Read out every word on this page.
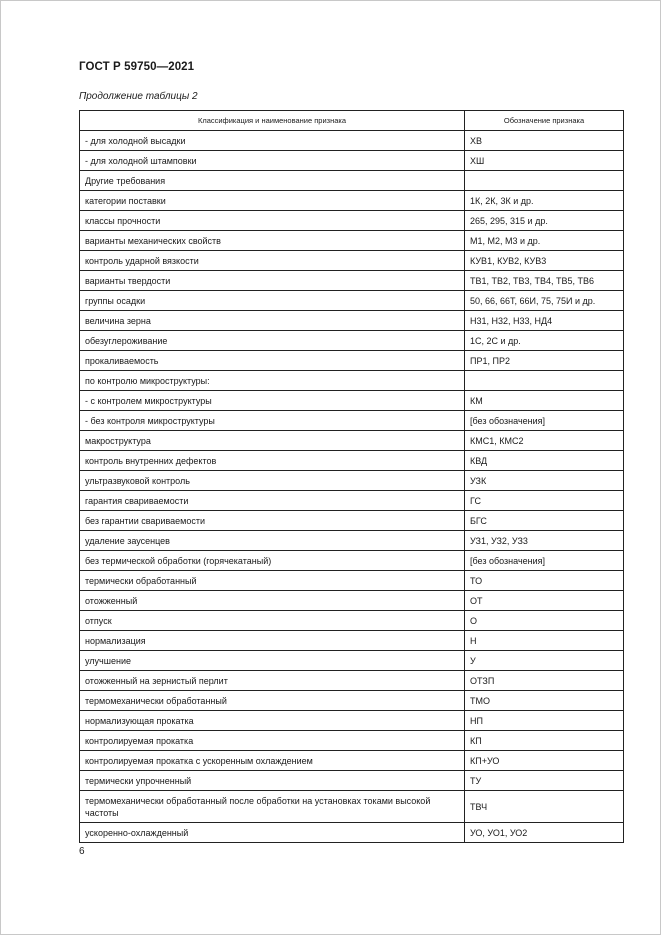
ГОСТ Р 59750—2021
Продолжение таблицы 2
Классификация и наименование признака	Обозначение признака
- для холодной высадки	ХВ
- для холодной штамповки	ХШ
Другие требования	
категории поставки	1К, 2К, 3К и др.
классы прочности	265, 295, 315 и др.
варианты механических свойств	М1, М2, М3 и др.
контроль ударной вязкости	КУВ1, КУВ2, КУВ3
варианты твердости	ТВ1, ТВ2, ТВ3, ТВ4, ТВ5, ТВ6
группы осадки	50, 66, 66Т, 66И, 75, 75И и др.
величина зерна	Н31, Н32, Н33, НД4
обезуглероживание	1С, 2С и др.
прокаливаемость	ПР1, ПР2
по контролю микроструктуры:	
- с контролем микроструктуры	КМ
- без контроля микроструктуры	[без обозначения]
макроструктура	КМС1, КМС2
контроль внутренних дефектов	КВД
ультразвуковой контроль	УЗК
гарантия свариваемости	ГС
без гарантии свариваемости	БГС
удаление заусенцев	УЗ1, УЗ2, УЗ3
без термической обработки (горячекатаный)	[без обозначения]
термически обработанный	ТО
отожженный	ОТ
отпуск	О
нормализация	Н
улучшение	У
отожженный на зернистый перлит	ОТЗП
термомеханически обработанный	ТМО
нормализующая прокатка	НП
контролируемая прокатка	КП
контролируемая прокатка с ускоренным охлаждением	КП+УО
термически упрочненный	ТУ
термомеханически обработанный после обработки на установках токами высокой частоты	ТВЧ
ускоренно-охлажденный	УО, УО1, УО2
6
